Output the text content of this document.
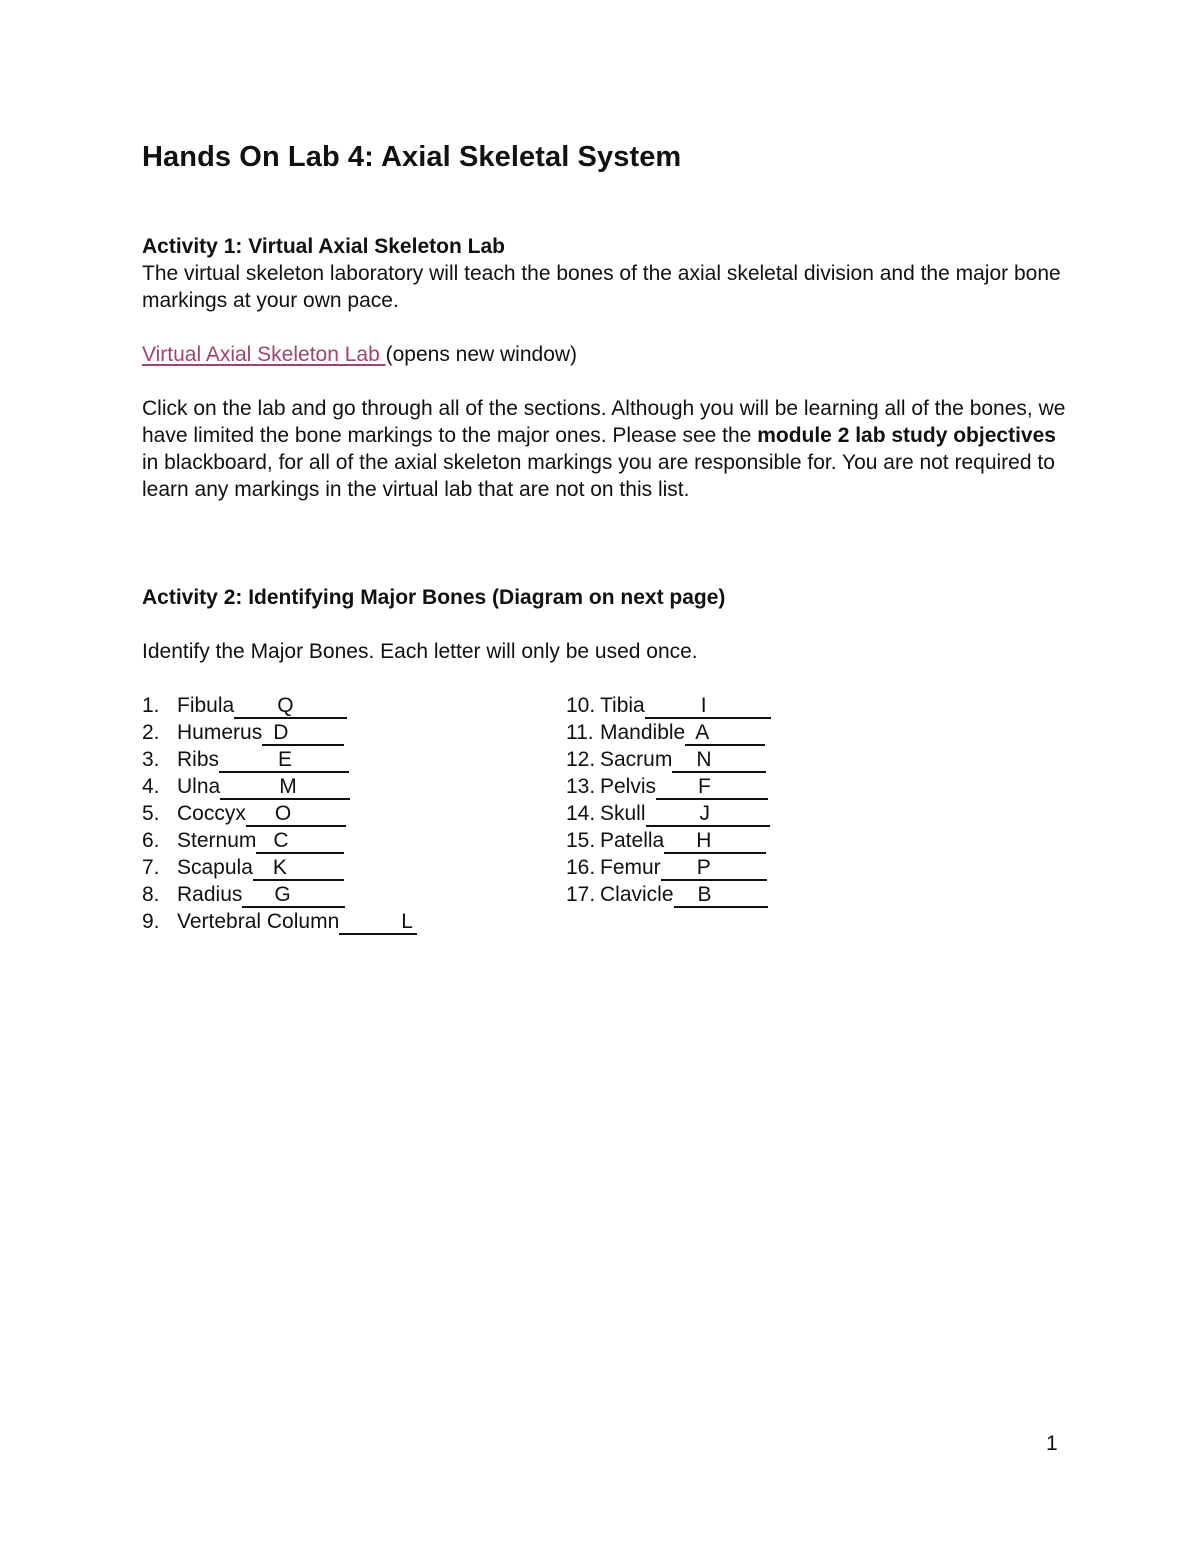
Hands On Lab 4: Axial Skeletal System
Activity 1: Virtual Axial Skeleton Lab
The virtual skeleton laboratory will teach the bones of the axial skeletal division and the major bone markings at your own pace.
Virtual Axial Skeleton Lab (opens new window)
Click on the lab and go through all of the sections. Although you will be learning all of the bones, we have limited the bone markings to the major ones. Please see the module 2 lab study objectives in blackboard, for all of the axial skeleton markings you are responsible for. You are not required to learn any markings in the virtual lab that are not on this list.
Activity 2: Identifying Major Bones (Diagram on next page)
Identify the Major Bones. Each letter will only be used once.
1. Fibula	Q
2. Humerus D
3. Ribs	E
4. Ulna	M
5. Coccyx	O
6. Sternum C
7. Scapula K
8. Radius	G
9. Vertebral Column	L
10. Tibia	I
11. Mandible A
12. Sacrum	N
13. Pelvis	F
14. Skull	J
15. Patella	H
16. Femur	P
17. Clavicle	B
1
